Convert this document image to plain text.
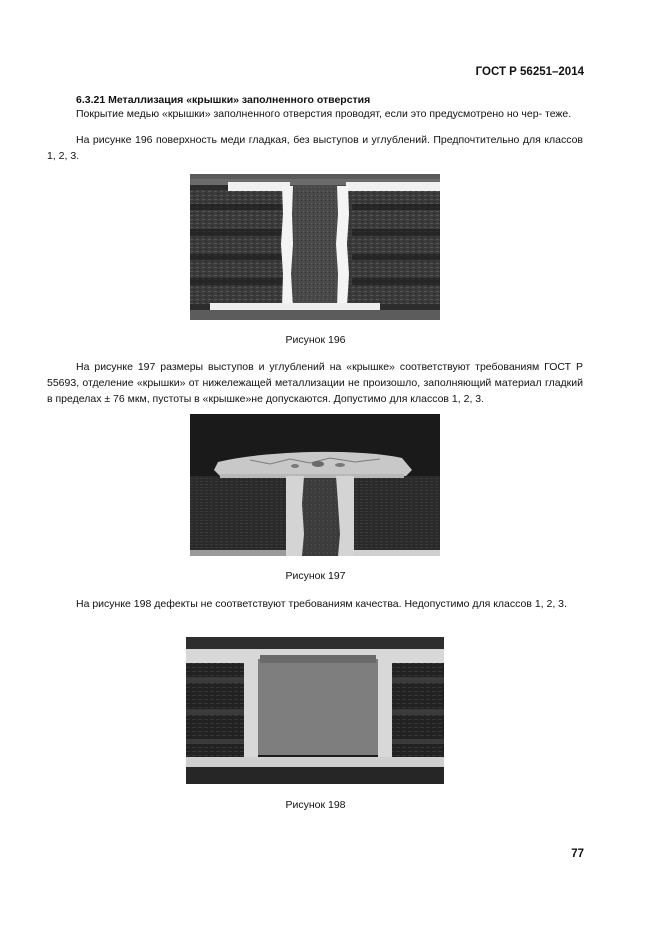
ГОСТ Р 56251–2014
6.3.21 Металлизация «крышки» заполненного отверстия

Покрытие медью «крышки» заполненного отверстия проводят, если это предусмотрено но чер- теже.

На рисунке 196 поверхность меди гладкая, без выступов и углублений. Предпочтительно для классов 1, 2, 3.

Рисунок 196

На рисунке 197 размеры выступов и углублений на «крышке» соответствуют требованиям ГОСТ Р 55693, отделение «крышки» от нижележащей металлизации не произошло, заполняющий материал гладкий в пределах ± 76 мкм, пустоты в «крышке»не допускаются. Допустимо для классов 1, 2, 3.

Рисунок 197

На рисунке 198 дефекты не соответствуют требованиям качества. Недопустимо для классов 1, 2, 3.

Рисунок 198
77
